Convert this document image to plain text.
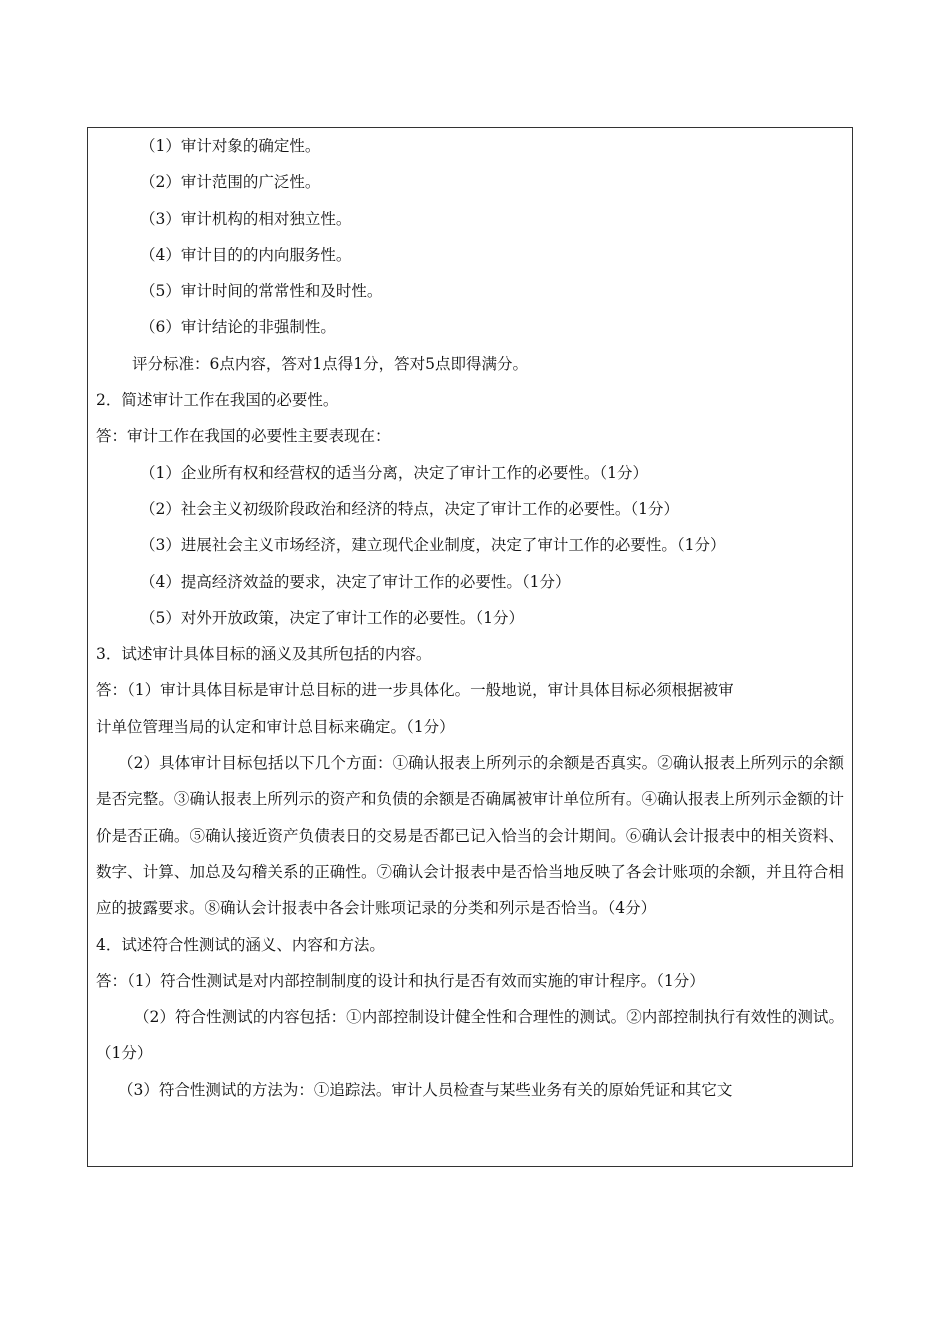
（1）审计对象的确定性。
（2）审计范围的广泛性。
（3）审计机构的相对独立性。
（4）审计目的的内向服务性。
（5）审计时间的常常性和及时性。
（6）审计结论的非强制性。
评分标准：6点内容，答对1点得1分，答对5点即得满分。
2．简述审计工作在我国的必要性。
答：审计工作在我国的必要性主要表现在：
（1）企业所有权和经营权的适当分离，决定了审计工作的必要性。（1分）
（2）社会主义初级阶段政治和经济的特点，决定了审计工作的必要性。（1分）
（3）进展社会主义市场经济，建立现代企业制度，决定了审计工作的必要性。（1分）
（4）提高经济效益的要求，决定了审计工作的必要性。（1分）
（5）对外开放政策，决定了审计工作的必要性。（1分）
3．试述审计具体目标的涵义及其所包括的内容。
答：（1）审计具体目标是审计总目标的进一步具体化。一般地说，审计具体目标必须根据被审
计单位管理当局的认定和审计总目标来确定。（1分）

（2）具体审计目标包括以下几个方面：①确认报表上所列示的余额是否真实。②确认报表上所列示的余额是否完整。③确认报表上所列示的资产和负债的余额是否确属被审计单位所有。④确认报表上所列示金额的计价是否正确。⑤确认接近资产负债表日的交易是否都已记入恰当的会计期间。⑥确认会计报表中的相关资料、数字、计算、加总及勾稽关系的正确性。⑦确认会计报表中是否恰当地反映了各会计账项的余额，并且符合相应的披露要求。⑧确认会计报表中各会计账项记录的分类和列示是否恰当。（4分）

4．试述符合性测试的涵义、内容和方法。
答：（1）符合性测试是对内部控制制度的设计和执行是否有效而实施的审计程序。（1分）

（2）符合性测试的内容包括：①内部控制设计健全性和合理性的测试。②内部控制执行有效性的测试。（1分）

（3）符合性测试的方法为：①追踪法。审计人员检查与某些业务有关的原始凭证和其它文
